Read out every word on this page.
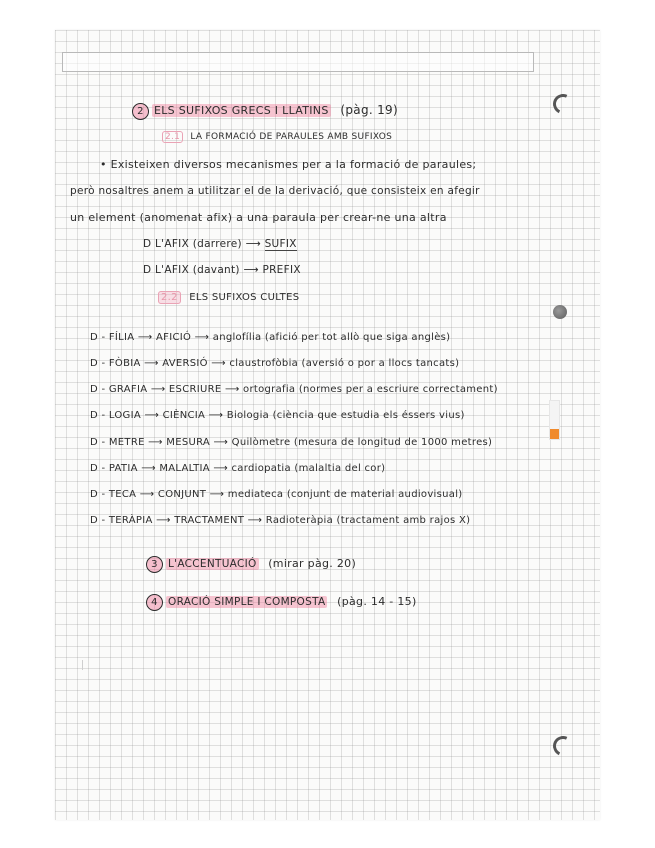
2 ELS SUFIXOS GRECS I LLATINS (pàg. 19)
2.1 LA FORMACIÓ DE PARAULES AMB SUFIXOS
• Existeixen diversos mecanismes per a la formació de paraules;
però nosaltres anem a utilitzar el de la derivació, que consisteix en afegir
un element (anomenat afix) a una paraula per crear-ne una altra
D L'AFIX (darrere) ⟶ SUFIX
D L'AFIX (davant) ⟶ PREFIX
2.2 ELS SUFIXOS CULTES
D - FÍLIA ⟶ AFICIÓ ⟶ anglofília (afició per tot allò que siga anglès)
D - FÒBIA ⟶ AVERSIÓ ⟶ claustrofòbia (aversió o por a llocs tancats)
D - GRAFIA ⟶ ESCRIURE ⟶ ortografia (normes per a escriure correctament)
D - LOGIA ⟶ CIÈNCIA ⟶ Biologia (ciència que estudia els éssers vius)
D - METRE ⟶ MESURA ⟶ Quilòmetre (mesura de longitud de 1000 metres)
D - PATIA ⟶ MALALTIA ⟶ cardiopatia (malaltia del cor)
D - TECA ⟶ CONJUNT ⟶ mediateca (conjunt de material audiovisual)
D - TERÀPIA ⟶ TRACTAMENT ⟶ Radioteràpia (tractament amb rajos X)
3 L'ACCENTUACIÓ (mirar pàg. 20)
4 ORACIÓ SIMPLE I COMPOSTA (pàg. 14 - 15)
